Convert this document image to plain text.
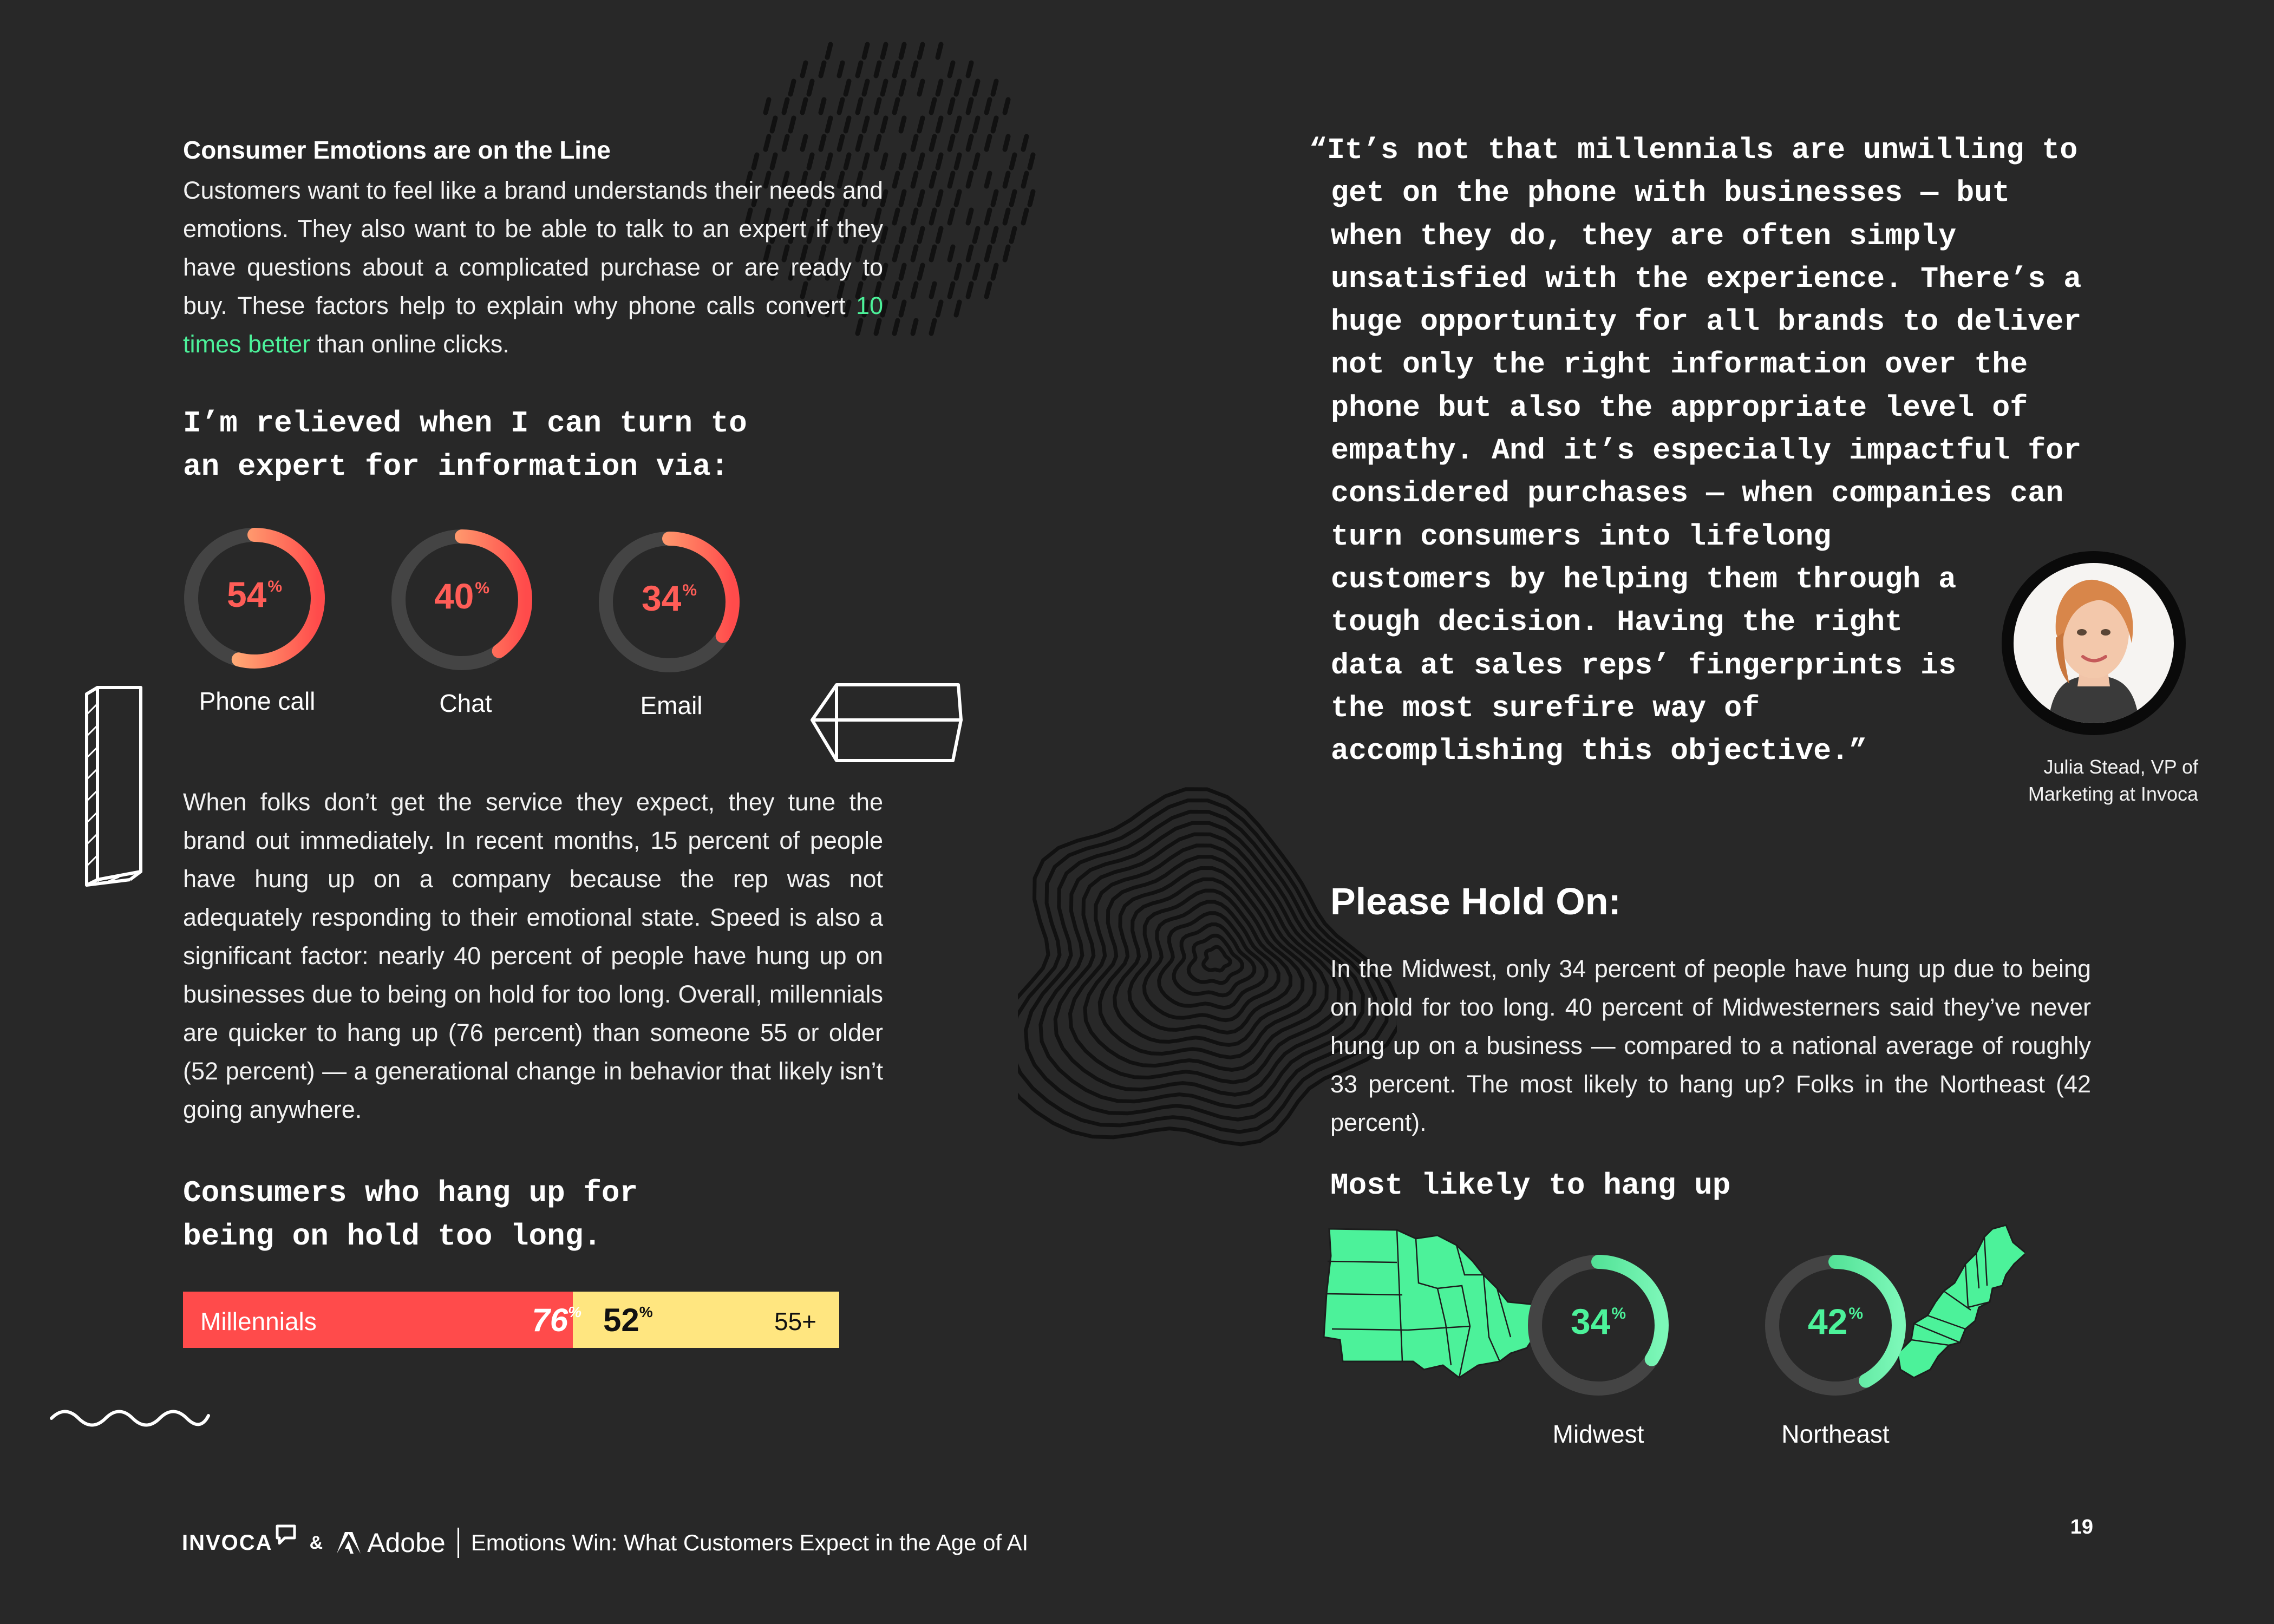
Consumer Emotions are on the Line
Customers want to feel like a brand understands their needs and emotions. They also want to be able to talk to an expert if they have questions about a complicated purchase or are ready to buy. These factors help to explain why phone calls convert 10 times better than online clicks.
I’m relieved when I can turn to
an expert for information via:
54%
Phone call
40%
Chat
34%
Email
When folks don’t get the service they expect, they tune the brand out immediately. In recent months, 15 percent of people have hung up on a company because the rep was not adequately responding to their emotional state. Speed is also a significant factor: nearly 40 percent of people have hung up on businesses due to being on hold for too long. Overall, millennials are quicker to hang up (76 percent) than someone 55 or older (52 percent) — a generational change in behavior that likely isn’t going anywhere.
Consumers who hang up for
being on hold too long.
Millennials	76% 52%	55+
“It’s not that millennials are unwilling to
get on the phone with businesses — but
when they do, they are often simply
unsatisfied with the experience. There’s a
huge opportunity for all brands to deliver
not only the right information over the
phone but also the appropriate level of
empathy. And it’s especially impactful for
considered purchases — when companies can
turn consumers into lifelong
customers by helping them through a
tough decision. Having the right
data at sales reps’ fingerprints is
the most surefire way of
accomplishing this objective.”	Julia Stead, VP of
Marketing at Invoca
Please Hold On:
In the Midwest, only 34 percent of people have hung up due to being on hold for too long. 40 percent of Midwesterners said they’ve never hung up on a business — compared to a national average of roughly 33 percent. The most likely to hang up? Folks in the Northeast (42 percent).
Most likely to hang up
34%
Midwest
42%
Northeast
INVOCA & Adobe Emotions Win: What Customers Expect in the Age of AI
19
